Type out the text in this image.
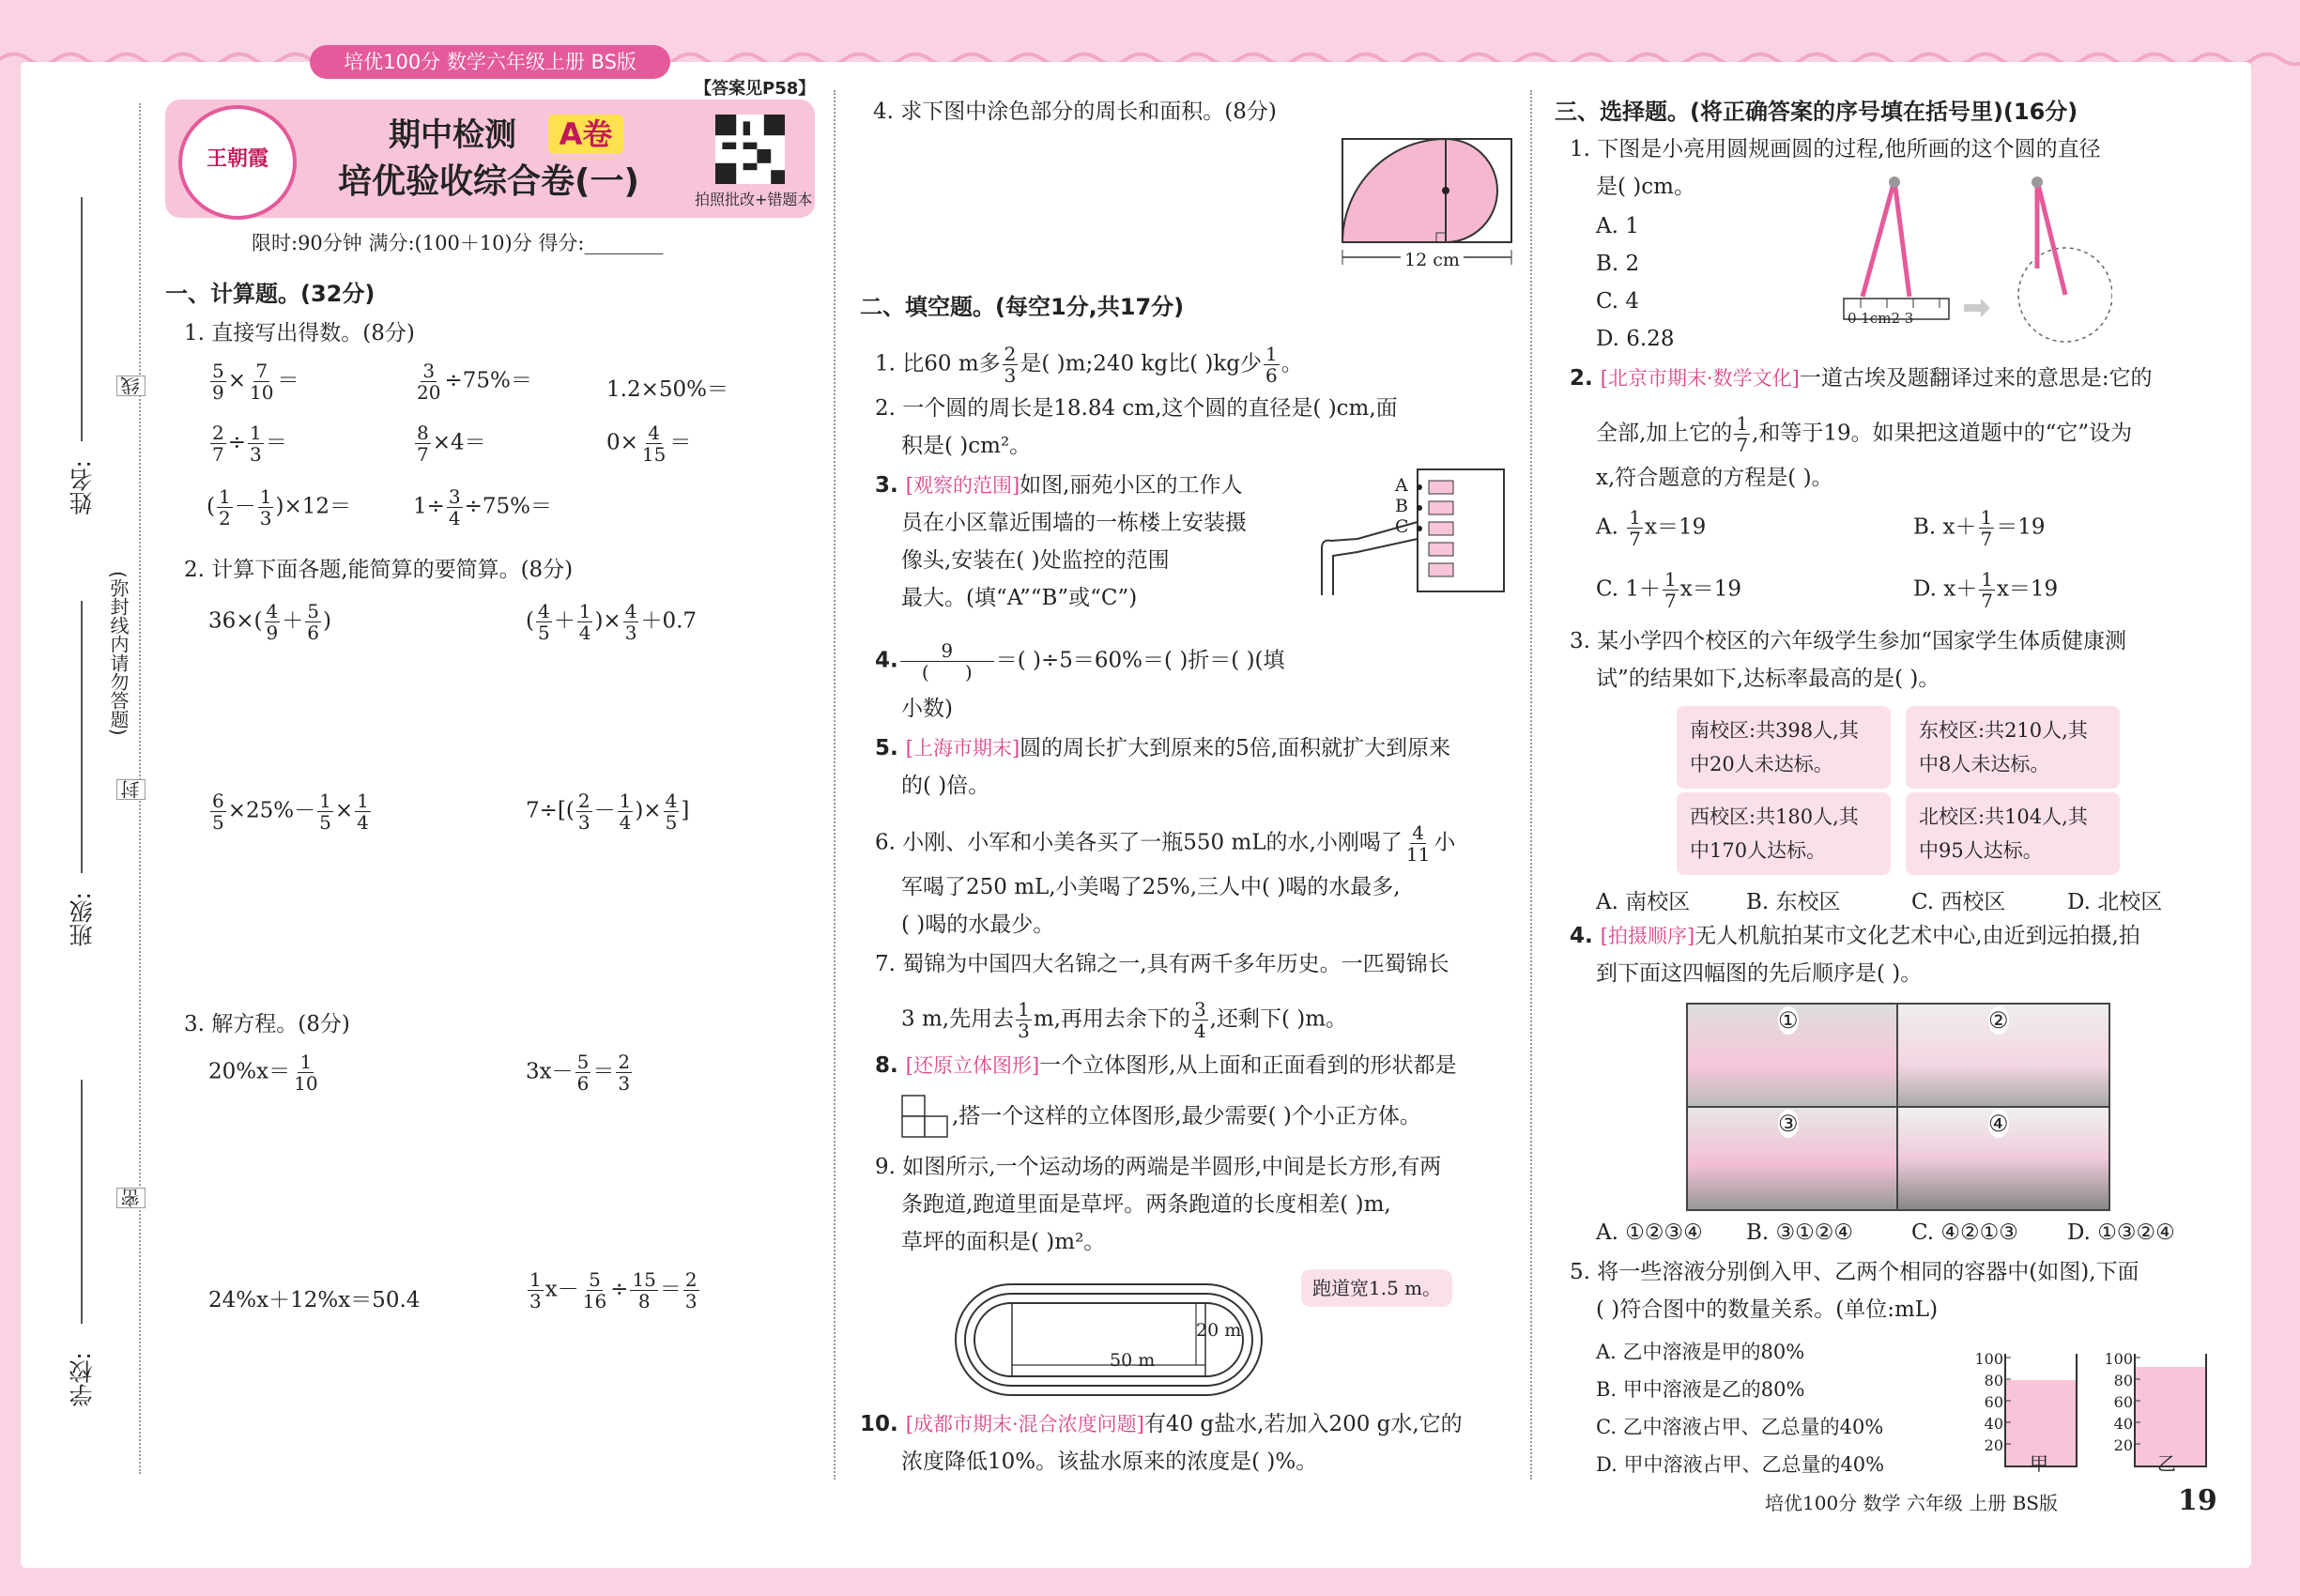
培优100分 数学六年级上册 BS版
王朝霞
期中检测	A卷
培优验收综合卷(一)
【答案见P58】
拍照批改+错题本
限时:90分钟 满分:(100＋10)分 得分:________
姓名:
班级:
学校:
线
封
密
(弥封线内请勿答题)
一、计算题。(32分)
1. 直接写出得数。(8分)
$\frac{5}{9} \times \frac{7}{10}$ ＝	$\frac{3}{20} \div 75\%=$	1.2×50%＝
$\frac{2}{7} \div \frac{1}{3}$ ＝	$\frac{8}{7} \times 4=$	$0\times \frac{4}{15}$ ＝
( $\frac{1}{2} - \frac{1}{3} )\times 12=$	$1\div \frac{3}{4} \div 75\%=$
2. 计算下面各题,能简算的要简算。(8分)
$36\times( \frac{4}{9} + \frac{5}{6}$ )	( $\frac{4}{5} + \frac{1}{4}$ )× $\frac{4}{3} +0.7$
$\frac{6}{5} \times 25\%- \frac{1}{5} \times \frac{1}{4}$	$7\div[( \frac{2}{3} - \frac{1}{4}$ )× $\frac{4}{5}$ ]
3. 解方程。(8分)
$20\%x= \frac{1}{10}$	$3x- \frac{5}{6} = \frac{2}{3}$
24%x＋12%x＝50.4	$\frac{1}{3} x- \frac{5}{16} \div \frac{15}{8} = \frac{2}{3}$
4. 求下图中涂色部分的周长和面积。(8分)
12 cm
二、填空题。(每空1分,共17分)
1. 比60 m多 $\frac{2}{3}$ 是( )m;240 kg比( )kg少 $\frac{1}{6}$ 。
2. 一个圆的周长是18.84 cm,这个圆的直径是( )cm,面
积是( )cm²。
3. [观察的范围]如图,丽苑小区的工作人
员在小区靠近围墙的一栋楼上安装摄
像头,安装在( )处监控的范围
最大。(填“A”“B”或“C”)
A
B
C
4. $\frac{9}{( )}$ ＝( )÷5＝60%＝( )折＝( )(填
小数)
5. [上海市期末]圆的周长扩大到原来的5倍,面积就扩大到原来
的( )倍。
6. 小刚、小军和小美各买了一瓶550 mL的水,小刚喝了 $\frac{4}{11}$ 小
军喝了250 mL,小美喝了25%,三人中( )喝的水最多,
( )喝的水最少。
7. 蜀锦为中国四大名锦之一,具有两千多年历史。一匹蜀锦长
3 m,先用去 $\frac{1}{3} m$,再用去余下的 $\frac{3}{4}$ ,还剩下( )m。
8. [还原立体图形]一个立体图形,从上面和正面看到的形状都是
,搭一个这样的立体图形,最少需要( )个小正方体。
9. 如图所示,一个运动场的两端是半圆形,中间是长方形,有两
条跑道,跑道里面是草坪。两条跑道的长度相差( )m,
草坪的面积是( )m²。
20 m
50 m
跑道宽1.5 m。
10. [成都市期末·混合浓度问题]有40 g盐水,若加入200 g水,它的
浓度降低10%。该盐水原来的浓度是( )%。
三、选择题。(将正确答案的序号填在括号里)(16分)
1. 下图是小亮用圆规画圆的过程,他所画的这个圆的直径
是( )cm。
A. 1
B. 2
C. 4
D. 6.28
0 1cm2 3
2. [北京市期末·数学文化]一道古埃及题翻译过来的意思是:它的
全部,加上它的 $\frac{1}{7}$ ,和等于19。如果把这道题中的“它”设为
x,符合题意的方程是( )。
A. $\frac{1}{7} x=19$	B. $x+ \frac{1}{7} =19$
C. $1+ \frac{1}{7} x=19$	D. $x+ \frac{1}{7} x=19$
3. 某小学四个校区的六年级学生参加“国家学生体质健康测
试”的结果如下,达标率最高的是( )。
南校区:共398人,其中20人未达标。
东校区:共210人,其中8人未达标。
西校区:共180人,其中170人达标。
北校区:共104人,其中95人达标。
A. 南校区	B. 东校区	C. 西校区	D. 北校区
4. [拍摄顺序]无人机航拍某市文化艺术中心,由近到远拍摄,拍
到下面这四幅图的先后顺序是( )。
①	②
③	④
A. ①②③④ B. ③①②④	C. ④②①③ D. ①③②④
5. 将一些溶液分别倒入甲、乙两个相同的容器中(如图),下面
( )符合图中的数量关系。(单位:mL)
A. 乙中溶液是甲的80%
B. 甲中溶液是乙的80%
C. 乙中溶液占甲、乙总量的40%
D. 甲中溶液占甲、乙总量的40%
100
80
60
40
20
100
80
60
40
20
甲	乙
培优100分 数学 六年级 上册 BS版	19
